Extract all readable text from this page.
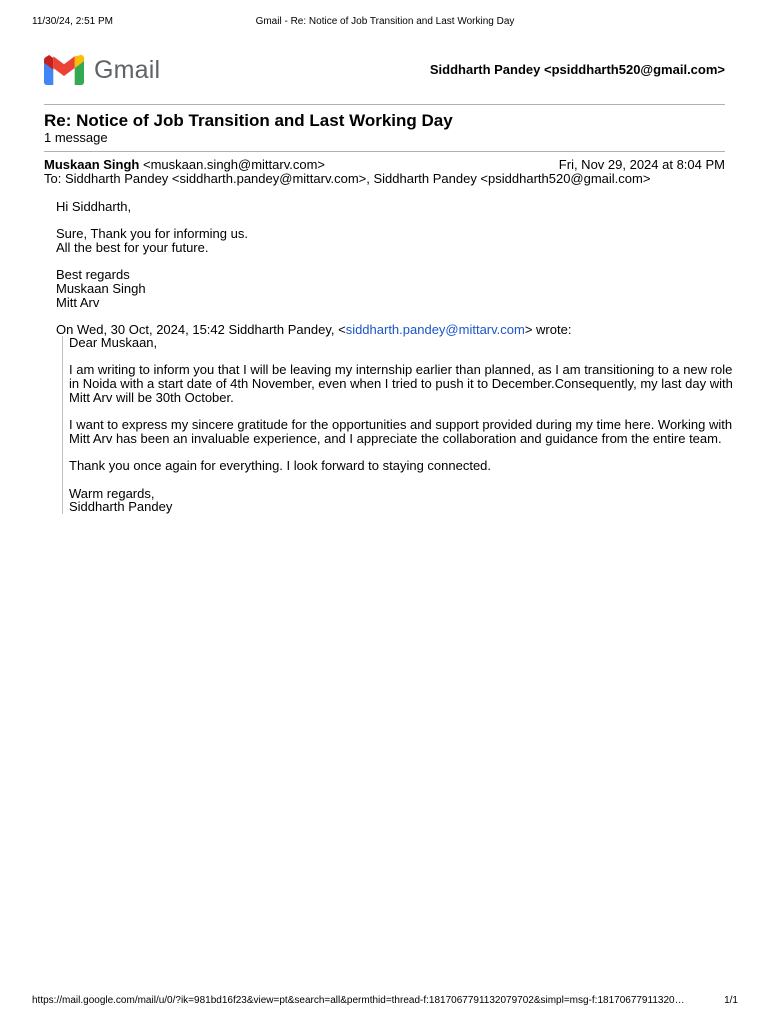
11/30/24, 2:51 PM	Gmail - Re: Notice of Job Transition and Last Working Day
Gmail	Siddharth Pandey <psiddharth520@gmail.com>
Re: Notice of Job Transition and Last Working Day
1 message
Muskaan Singh <muskaan.singh@mittarv.com>	Fri, Nov 29, 2024 at 8:04 PM
To: Siddharth Pandey <siddharth.pandey@mittarv.com>, Siddharth Pandey <psiddharth520@gmail.com>

Hi Siddharth,

Sure, Thank you for informing us.

All the best for your future.

Best regards

Muskaan Singh

Mitt Arv

On Wed, 30 Oct, 2024, 15:42 Siddharth Pandey, <siddharth.pandey@mittarv.com> wrote:

Dear Muskaan,

I am writing to inform you that I will be leaving my internship earlier than planned, as I am transitioning to a new role in Noida with a start date of 4th November, even when I tried to push it to December.Consequently, my last day with Mitt Arv will be 30th October.

I want to express my sincere gratitude for the opportunities and support provided during my time here. Working with Mitt Arv has been an invaluable experience, and I appreciate the collaboration and guidance from the entire team.

Thank you once again for everything. I look forward to staying connected.

Warm regards,

Siddharth Pandey

https://mail.google.com/mail/u/0/?ik=981bd16f23&view=pt&search=all&permthid=thread-f:1817067791132079702&simpl=msg-f:18170677911320…	1/1
